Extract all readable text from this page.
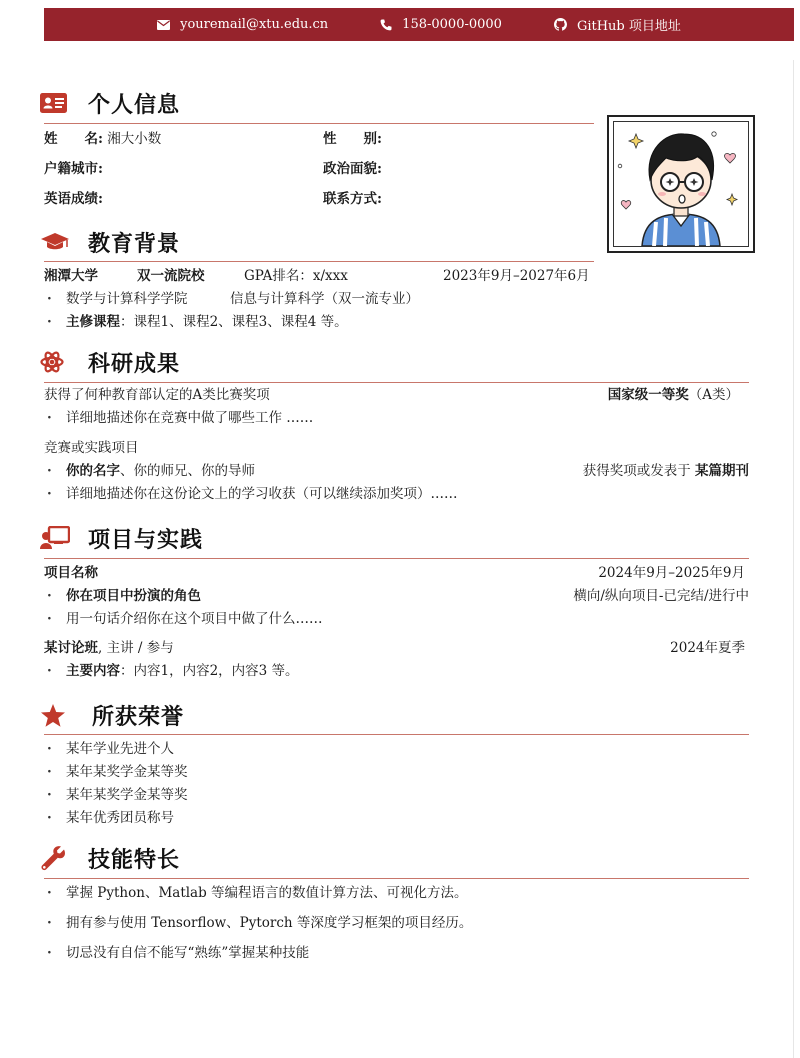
youremail@xtu.edu.cn	158-0000-0000	GitHub 项目地址
个人信息
姓　　名: 湘大小数	性　　别:
户籍城市:	政治面貌:
英语成绩:	联系方式:
教育背景
湘潭大学	双一流院校	GPA排名：x/xxx	2023年9月–2027年6月
· 数学与计算科学学院	信息与计算科学（双一流专业）
· 主修课程：课程1、课程2、课程3、课程4 等。
科研成果
获得了何种教育部认定的A类比赛奖项	国家级一等奖（A类）
· 详细地描述你在竞赛中做了哪些工作 ……
竞赛或实践项目
· 你的名字、你的师兄、你的导师	获得奖项或发表于 某篇期刊
· 详细地描述你在这份论文上的学习收获（可以继续添加奖项）……
项目与实践
项目名称	2024年9月–2025年9月
· 你在项目中扮演的角色	横向/纵向项目-已完结/进行中
· 用一句话介绍你在这个项目中做了什么……
某讨论班, 主讲 / 参与	2024年夏季
· 主要内容：内容1，内容2，内容3 等。
所获荣誉
· 某年学业先进个人
· 某年某奖学金某等奖
· 某年某奖学金某等奖
· 某年优秀团员称号
技能特长
· 掌握 Python、Matlab 等编程语言的数值计算方法、可视化方法。
· 拥有参与使用 Tensorflow、Pytorch 等深度学习框架的项目经历。
· 切忌没有自信不能写“熟练”掌握某种技能
